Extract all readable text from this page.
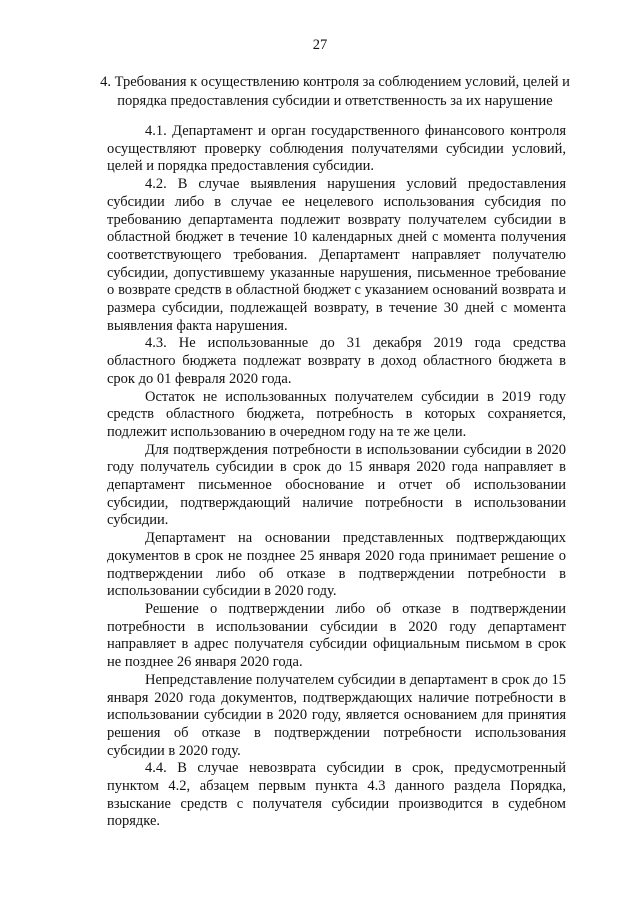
27
4. Требования к осуществлению контроля за соблюдением условий, целей и порядка предоставления субсидии и ответственность за их нарушение

4.1. Департамент и орган государственного финансового контроля осуществляют проверку соблюдения получателями субсидии условий, целей и порядка предоставления субсидии.

4.2. В случае выявления нарушения условий предоставления субсидии либо в случае ее нецелевого использования субсидия по требованию департамента подлежит возврату получателем субсидии в областной бюджет в течение 10 календарных дней с момента получения соответствующего требования. Департамент направляет получателю субсидии, допустившему указанные нарушения, письменное требование о возврате средств в областной бюджет с указанием оснований возврата и размера субсидии, подлежащей возврату, в течение 30 дней с момента выявления факта нарушения.

4.3. Не использованные до 31 декабря 2019 года средства областного бюджета подлежат возврату в доход областного бюджета в срок до 01 февраля 2020 года.

Остаток не использованных получателем субсидии в 2019 году средств областного бюджета, потребность в которых сохраняется, подлежит использованию в очередном году на те же цели.

Для подтверждения потребности в использовании субсидии в 2020 году получатель субсидии в срок до 15 января 2020 года направляет в департамент письменное обоснование и отчет об использовании субсидии, подтверждающий наличие потребности в использовании субсидии.

Департамент на основании представленных подтверждающих документов в срок не позднее 25 января 2020 года принимает решение о подтверждении либо об отказе в подтверждении потребности в использовании субсидии в 2020 году.

Решение о подтверждении либо об отказе в подтверждении потребности в использовании субсидии в 2020 году департамент направляет в адрес получателя субсидии официальным письмом в срок не позднее 26 января 2020 года.

Непредставление получателем субсидии в департамент в срок до 15 января 2020 года документов, подтверждающих наличие потребности в использовании субсидии в 2020 году, является основанием для принятия решения об отказе в подтверждении потребности использования субсидии в 2020 году.

4.4. В случае невозврата субсидии в срок, предусмотренный пунктом 4.2, абзацем первым пункта 4.3 данного раздела Порядка, взыскание средств с получателя субсидии производится в судебном порядке.
